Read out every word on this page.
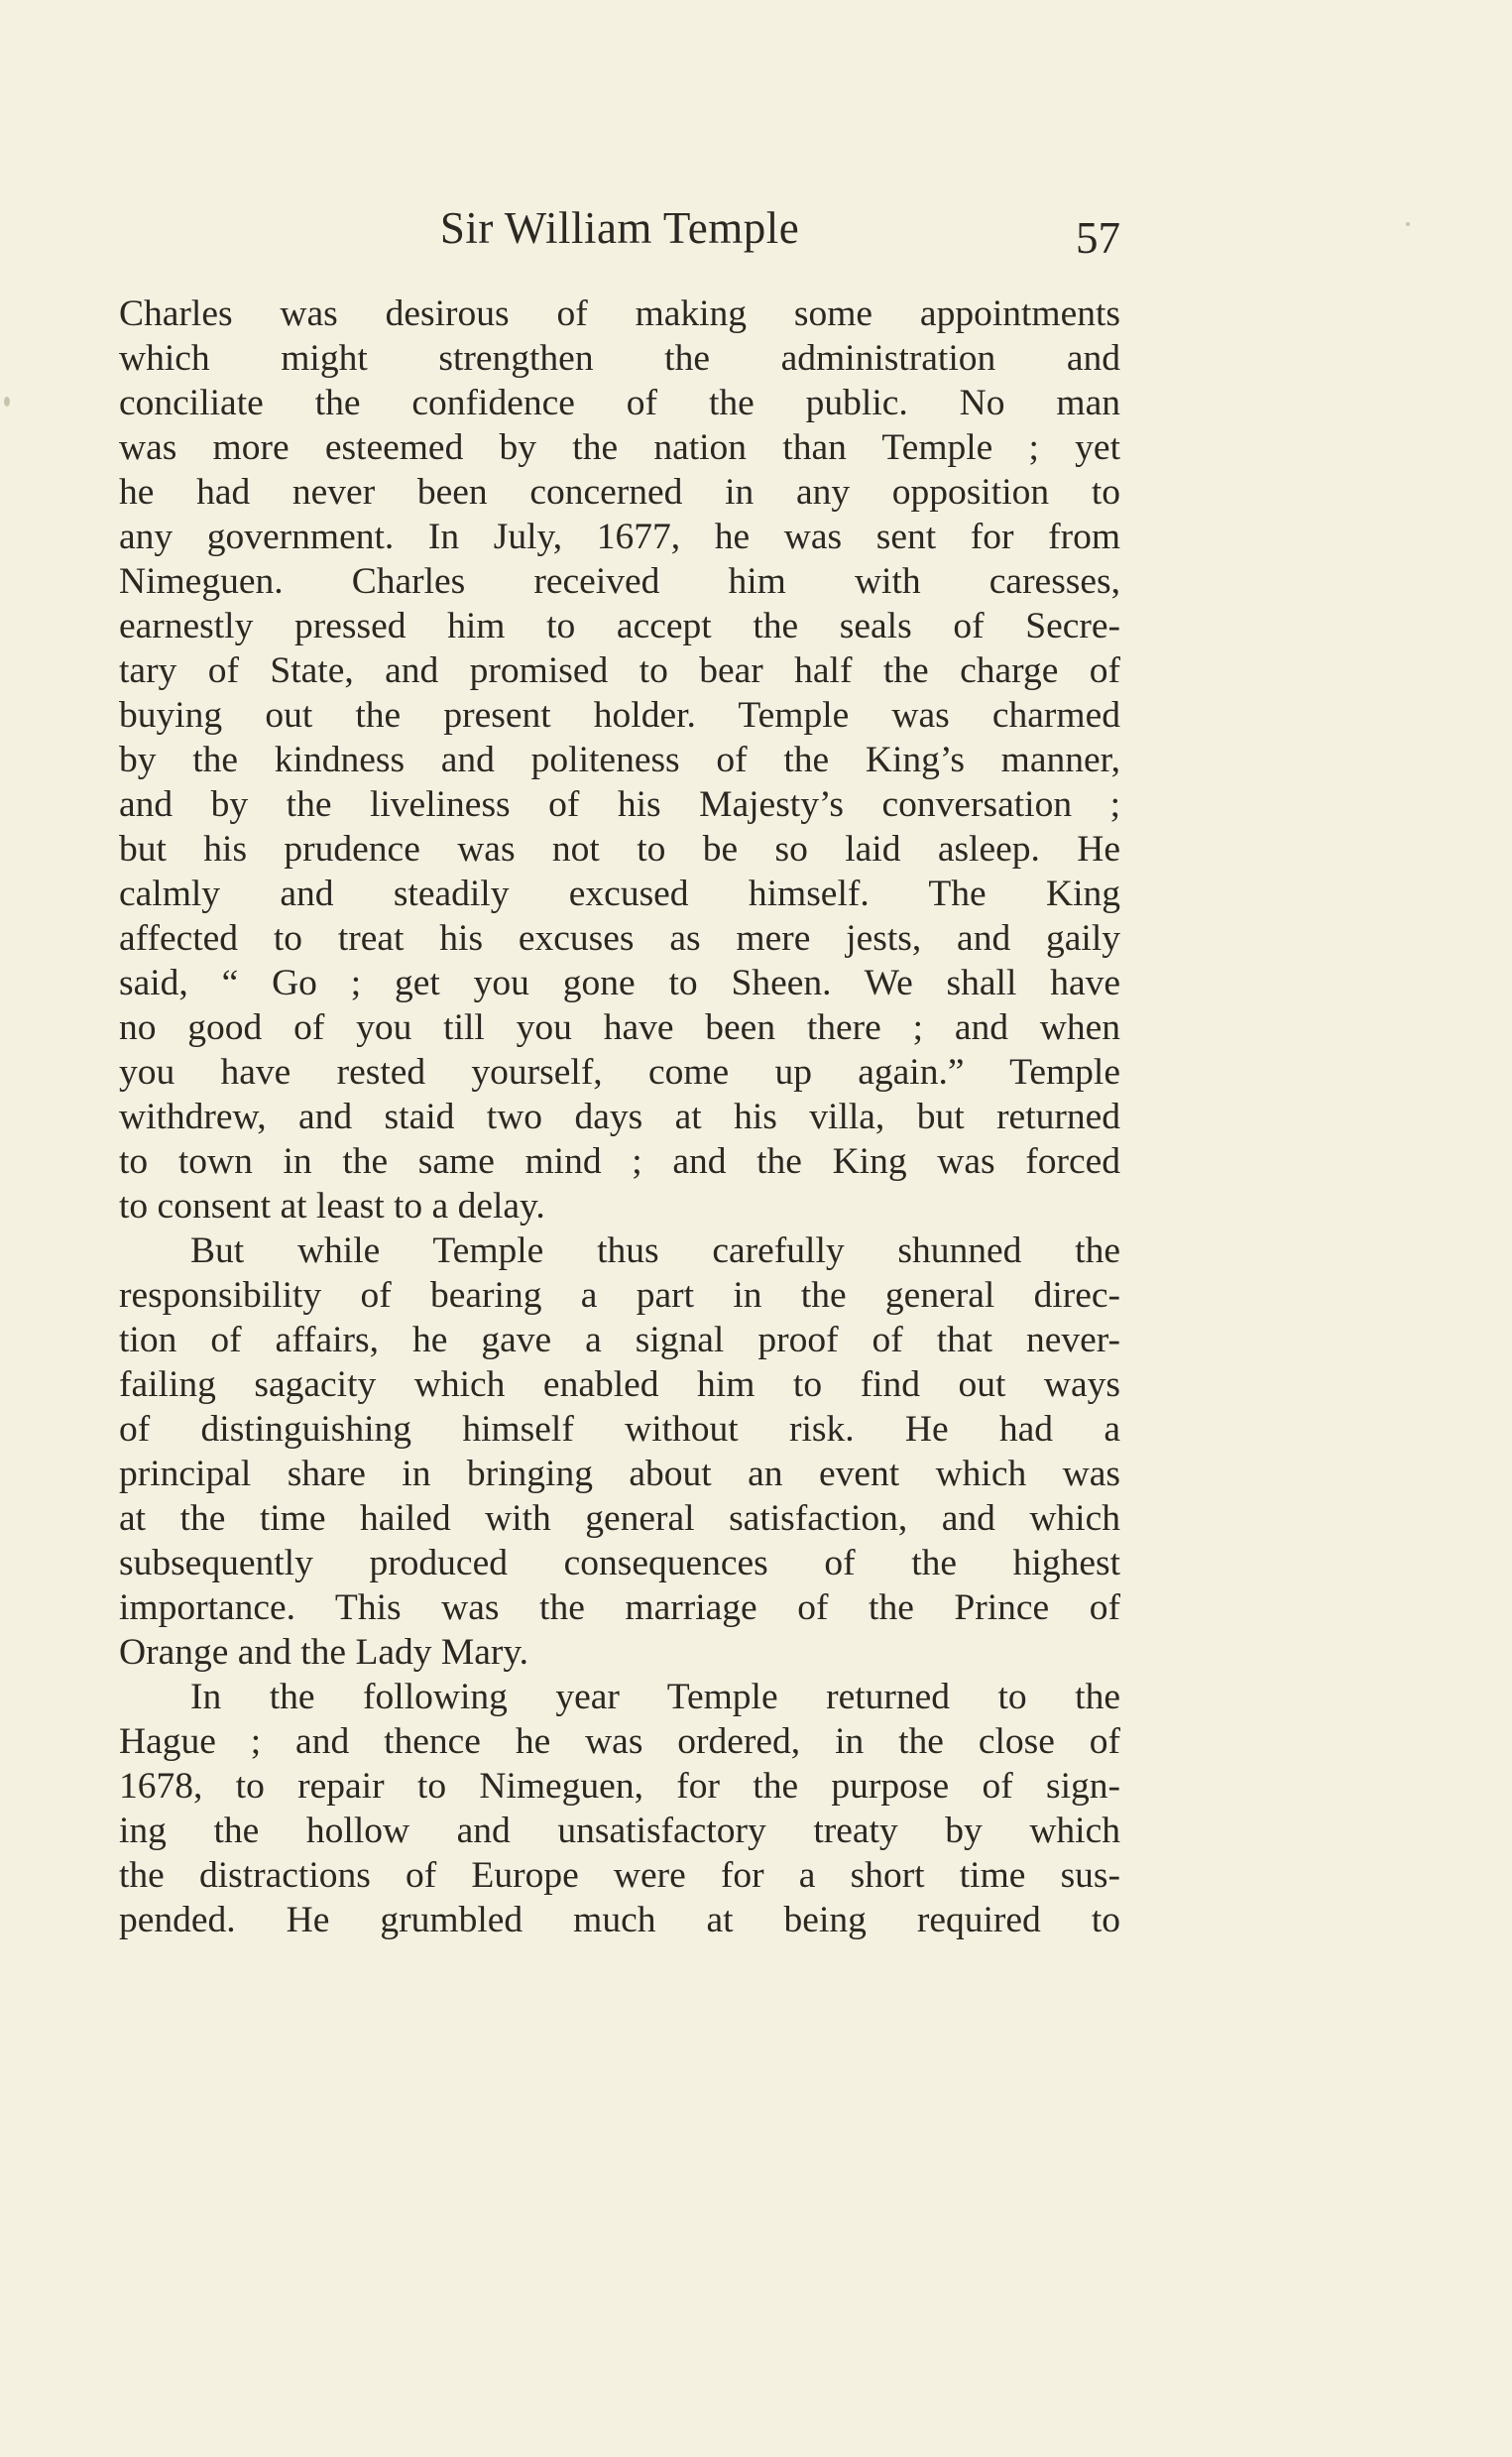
Sir William Temple	57
Charles was desirous of making some appointments
which might strengthen the administration and
conciliate the confidence of the public. No man
was more esteemed by the nation than Temple ; yet
he had never been concerned in any opposition to
any government. In July, 1677, he was sent for from
Nimeguen. Charles received him with caresses,
earnestly pressed him to accept the seals of Secre-
tary of State, and promised to bear half the charge of
buying out the present holder. Temple was charmed
by the kindness and politeness of the King’s manner,
and by the liveliness of his Majesty’s conversation ;
but his prudence was not to be so laid asleep. He
calmly and steadily excused himself. The King
affected to treat his excuses as mere jests, and gaily
said, “ Go ; get you gone to Sheen. We shall have
no good of you till you have been there ; and when
you have rested yourself, come up again.” Temple
withdrew, and staid two days at his villa, but returned
to town in the same mind ; and the King was forced
to consent at least to a delay.
But while Temple thus carefully shunned the
responsibility of bearing a part in the general direc-
tion of affairs, he gave a signal proof of that never-
failing sagacity which enabled him to find out ways
of distinguishing himself without risk. He had a
principal share in bringing about an event which was
at the time hailed with general satisfaction, and which
subsequently produced consequences of the highest
importance. This was the marriage of the Prince of
Orange and the Lady Mary.
In the following year Temple returned to the
Hague ; and thence he was ordered, in the close of
1678, to repair to Nimeguen, for the purpose of sign-
ing the hollow and unsatisfactory treaty by which
the distractions of Europe were for a short time sus-
pended. He grumbled much at being required to
